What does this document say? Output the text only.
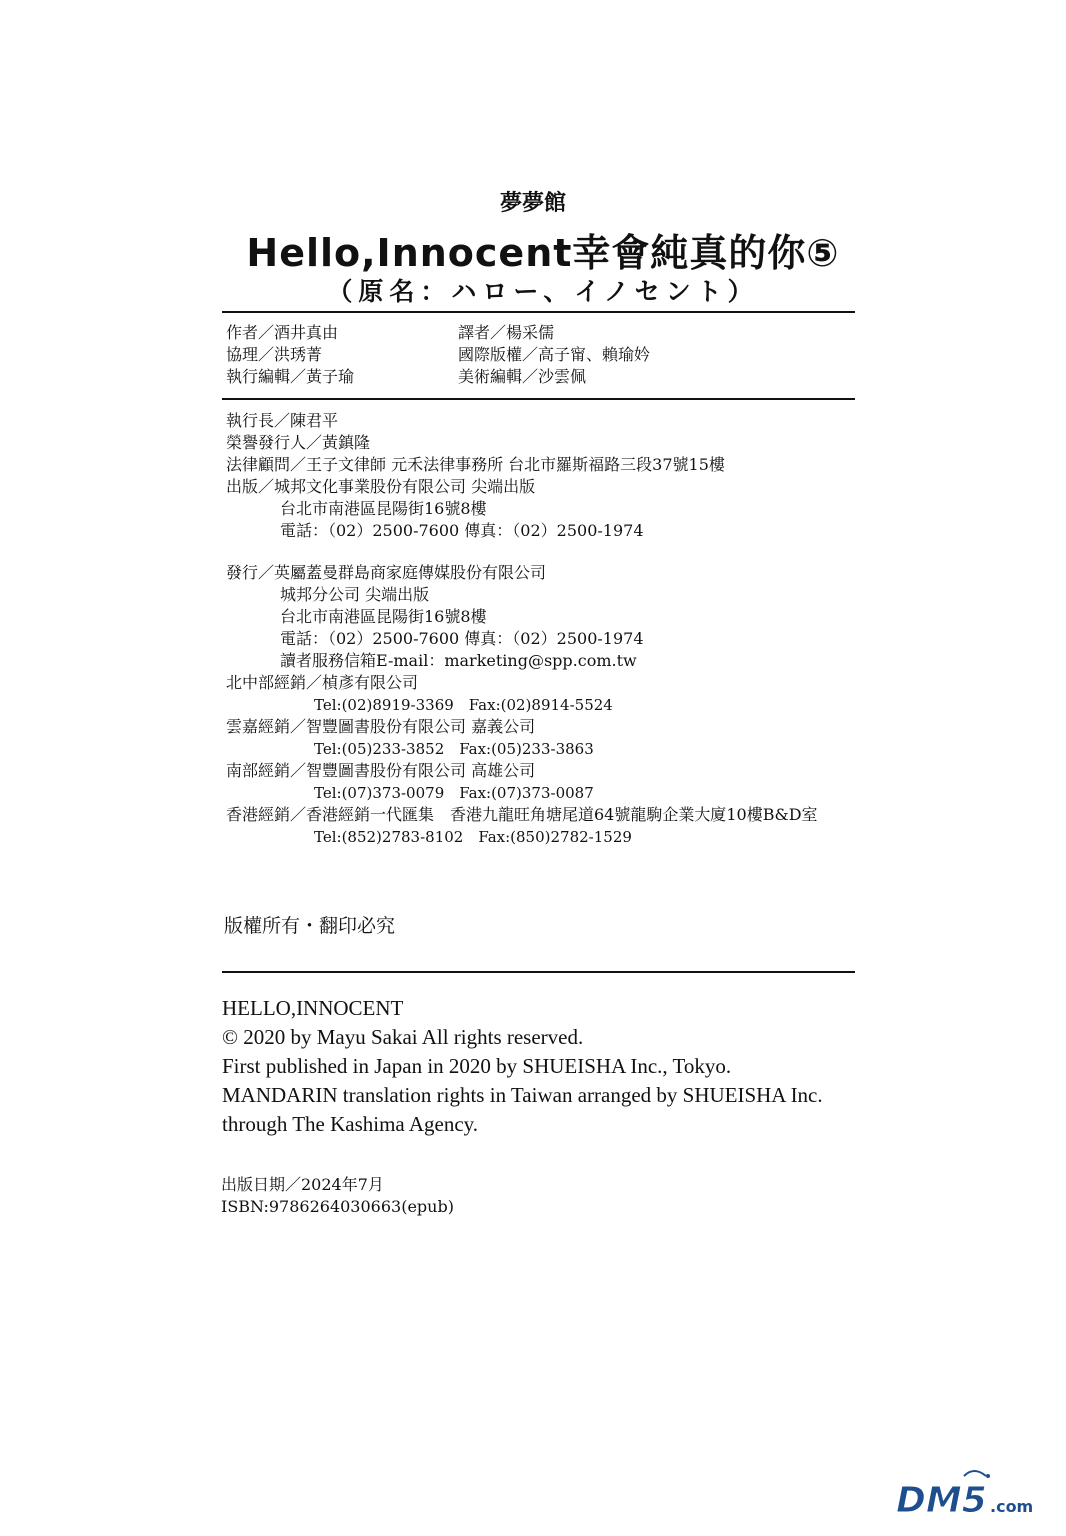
夢夢館
Hello,Innocent幸會純真的你⑤
（原名：ハロー、イノセント）
作者／酒井真由
協理／洪琇菁
執行編輯／黃子瑜
譯者／楊采儒
國際版權／高子甯、賴瑜妗
美術編輯／沙雲佩
執行長／陳君平
榮譽發行人／黃鎮隆
法律顧問／王子文律師 元禾法律事務所 台北市羅斯福路三段37號15樓
出版／城邦文化事業股份有限公司 尖端出版
台北市南港區昆陽街16號8樓
電話：（02）2500-7600 傳真：（02）2500-1974
發行／英屬蓋曼群島商家庭傳媒股份有限公司
城邦分公司 尖端出版
台北市南港區昆陽街16號8樓
電話：（02）2500-7600 傳真：（02）2500-1974
讀者服務信箱E-mail：marketing@spp.com.tw
北中部經銷／楨彥有限公司
Tel:(02)8919-3369　Fax:(02)8914-5524
雲嘉經銷／智豐圖書股份有限公司 嘉義公司
Tel:(05)233-3852　Fax:(05)233-3863
南部經銷／智豐圖書股份有限公司 高雄公司
Tel:(07)373-0079　Fax:(07)373-0087
香港經銷／香港經銷一代匯集　香港九龍旺角塘尾道64號龍駒企業大廈10樓B&D室
Tel:(852)2783-8102　Fax:(850)2782-1529
版權所有・翻印必究
HELLO,INNOCENT
© 2020 by Mayu Sakai All rights reserved.
First published in Japan in 2020 by SHUEISHA Inc., Tokyo.
MANDARIN translation rights in Taiwan arranged by SHUEISHA Inc.
through The Kashima Agency.
出版日期／2024年7月
ISBN:9786264030663(epub)
DM5 .com
